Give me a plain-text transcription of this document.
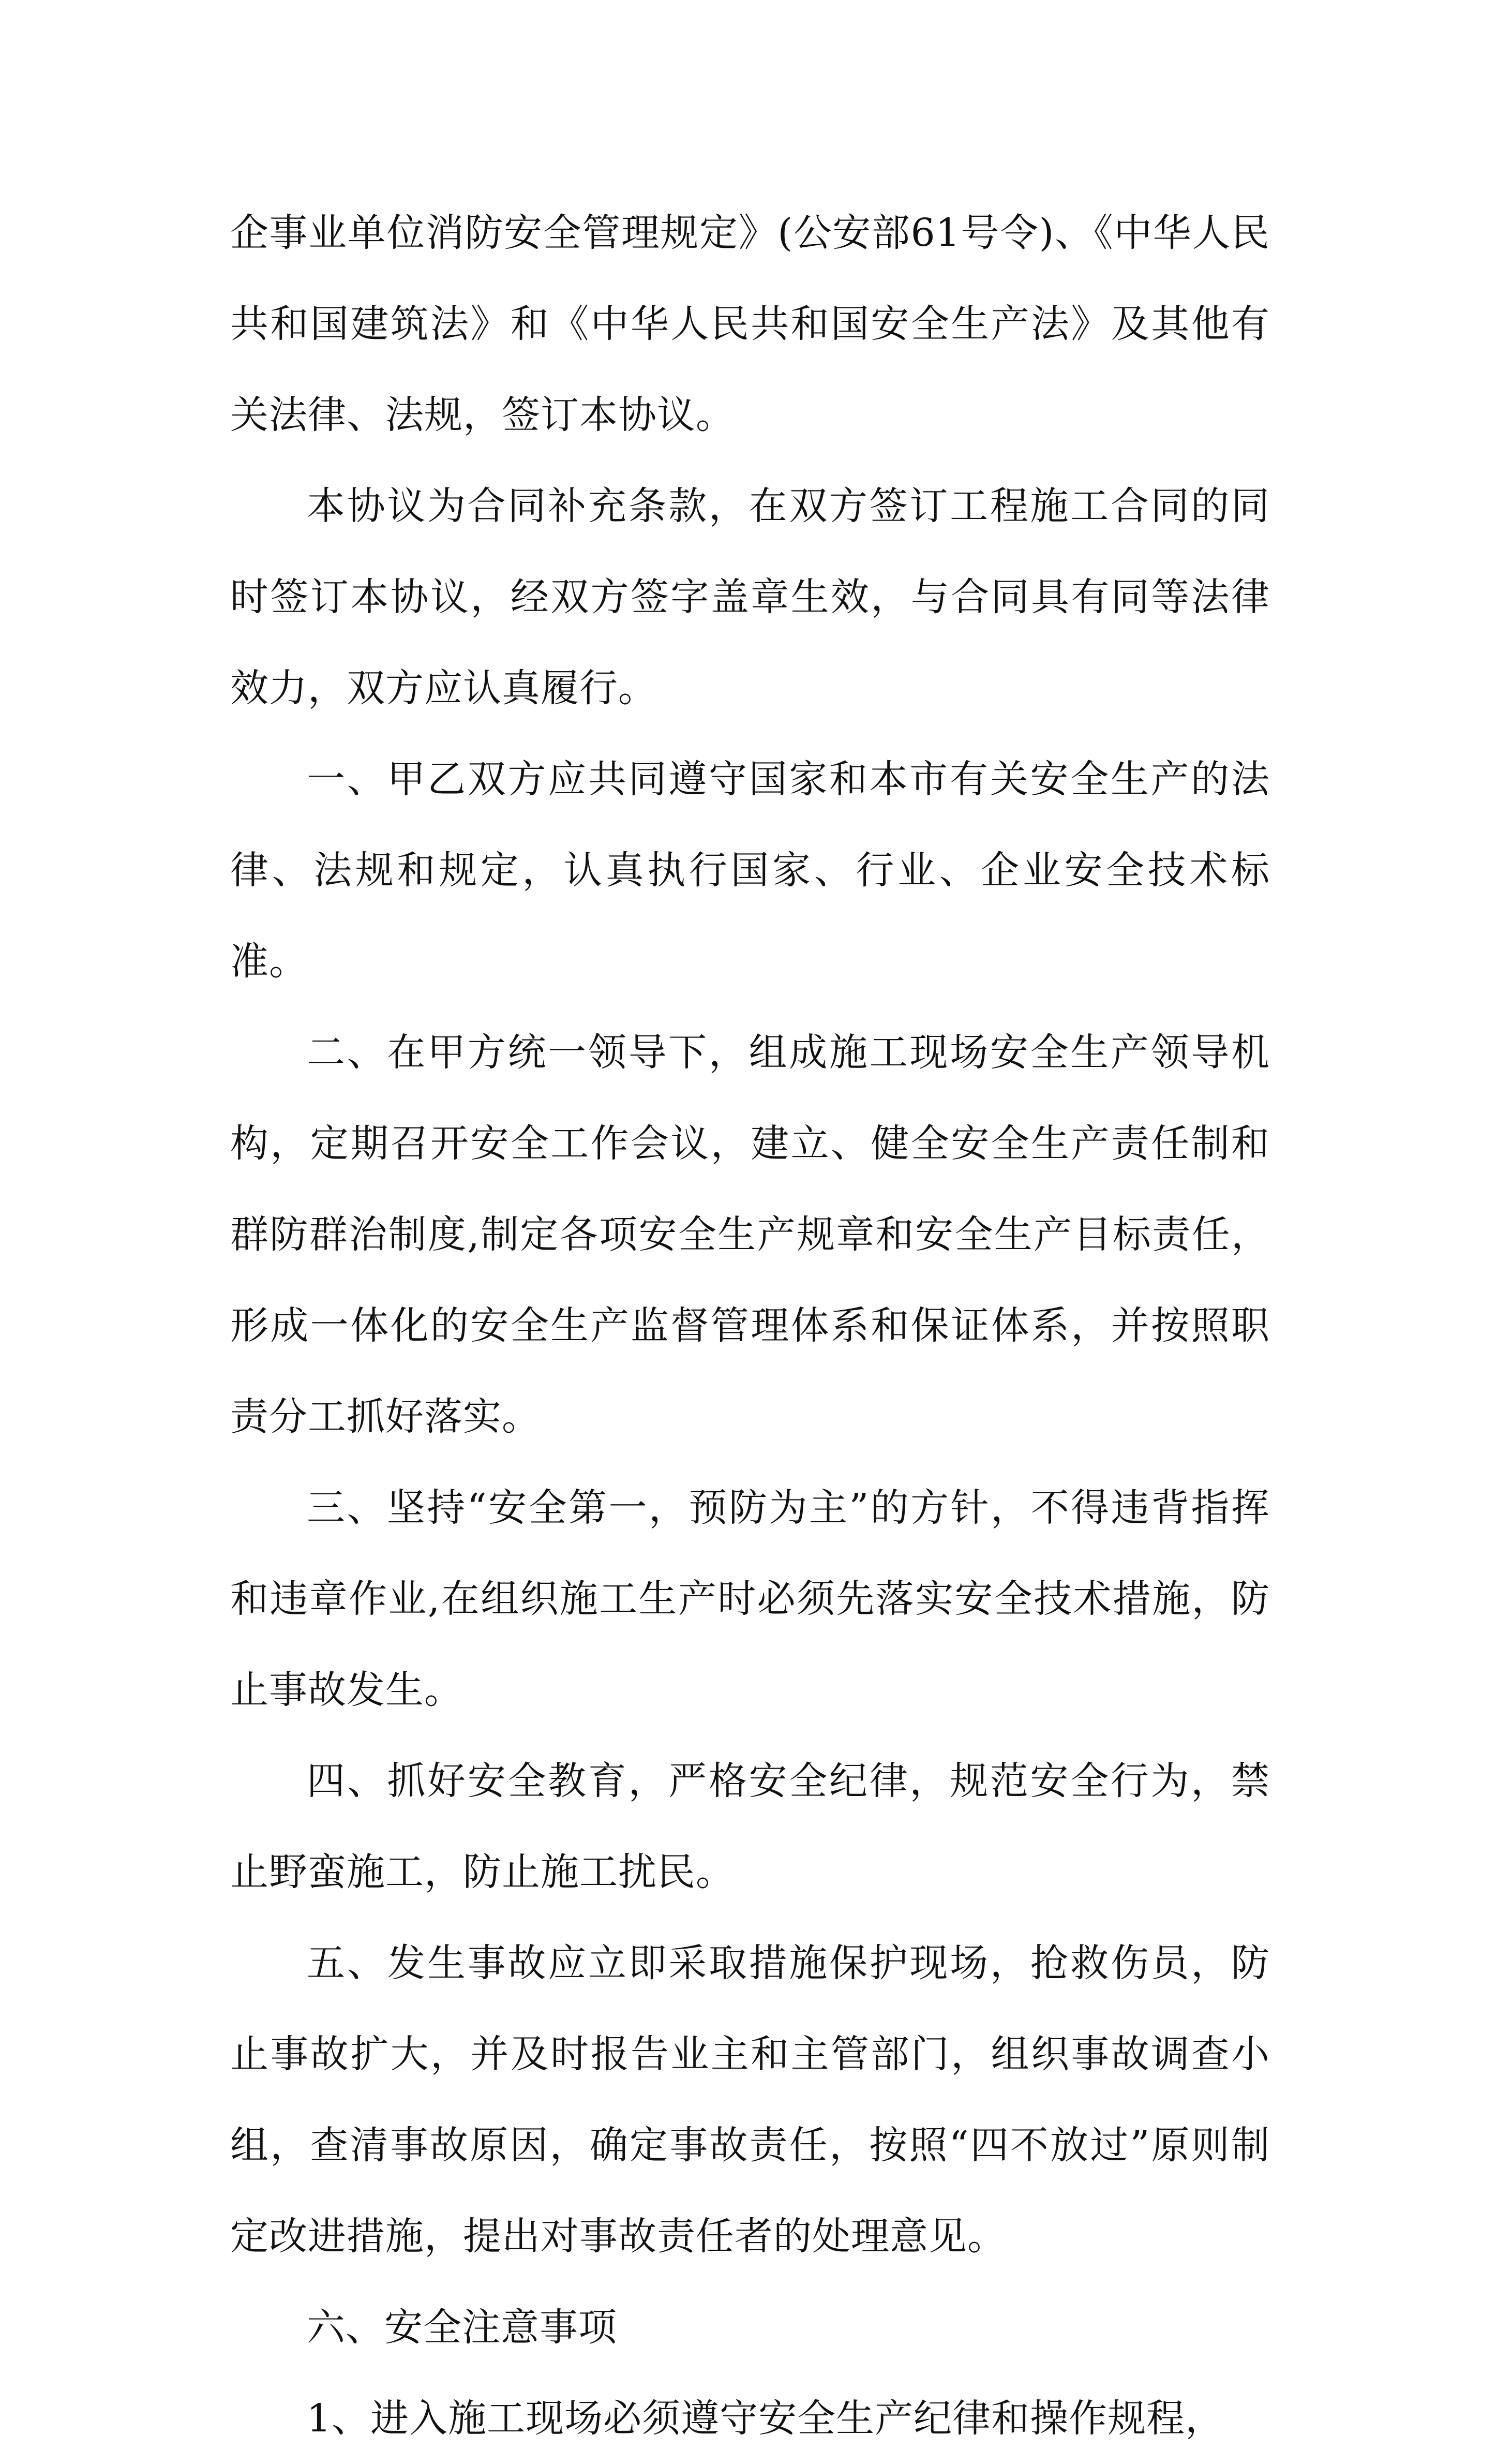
企事业单位消防安全管理规定》(公安部61号令)、《中华人民共和国建筑法》和《中华人民共和国安全生产法》及其他有关法律、法规，签订本协议。

本协议为合同补充条款，在双方签订工程施工合同的同时签订本协议，经双方签字盖章生效，与合同具有同等法律效力，双方应认真履行。

一、甲乙双方应共同遵守国家和本市有关安全生产的法律、法规和规定，认真执行国家、行业、企业安全技术标准。

二、在甲方统一领导下，组成施工现场安全生产领导机构，定期召开安全工作会议，建立、健全安全生产责任制和群防群治制度,制定各项安全生产规章和安全生产目标责任，形成一体化的安全生产监督管理体系和保证体系，并按照职责分工抓好落实。

三、坚持“安全第一，预防为主”的方针，不得违背指挥和违章作业,在组织施工生产时必须先落实安全技术措施，防止事故发生。

四、抓好安全教育，严格安全纪律，规范安全行为，禁止野蛮施工，防止施工扰民。

五、发生事故应立即采取措施保护现场，抢救伤员，防止事故扩大，并及时报告业主和主管部门，组织事故调查小组，查清事故原因，确定事故责任，按照“四不放过”原则制定改进措施，提出对事故责任者的处理意见。

六、安全注意事项

1、进入施工现场必须遵守安全生产纪律和操作规程，
